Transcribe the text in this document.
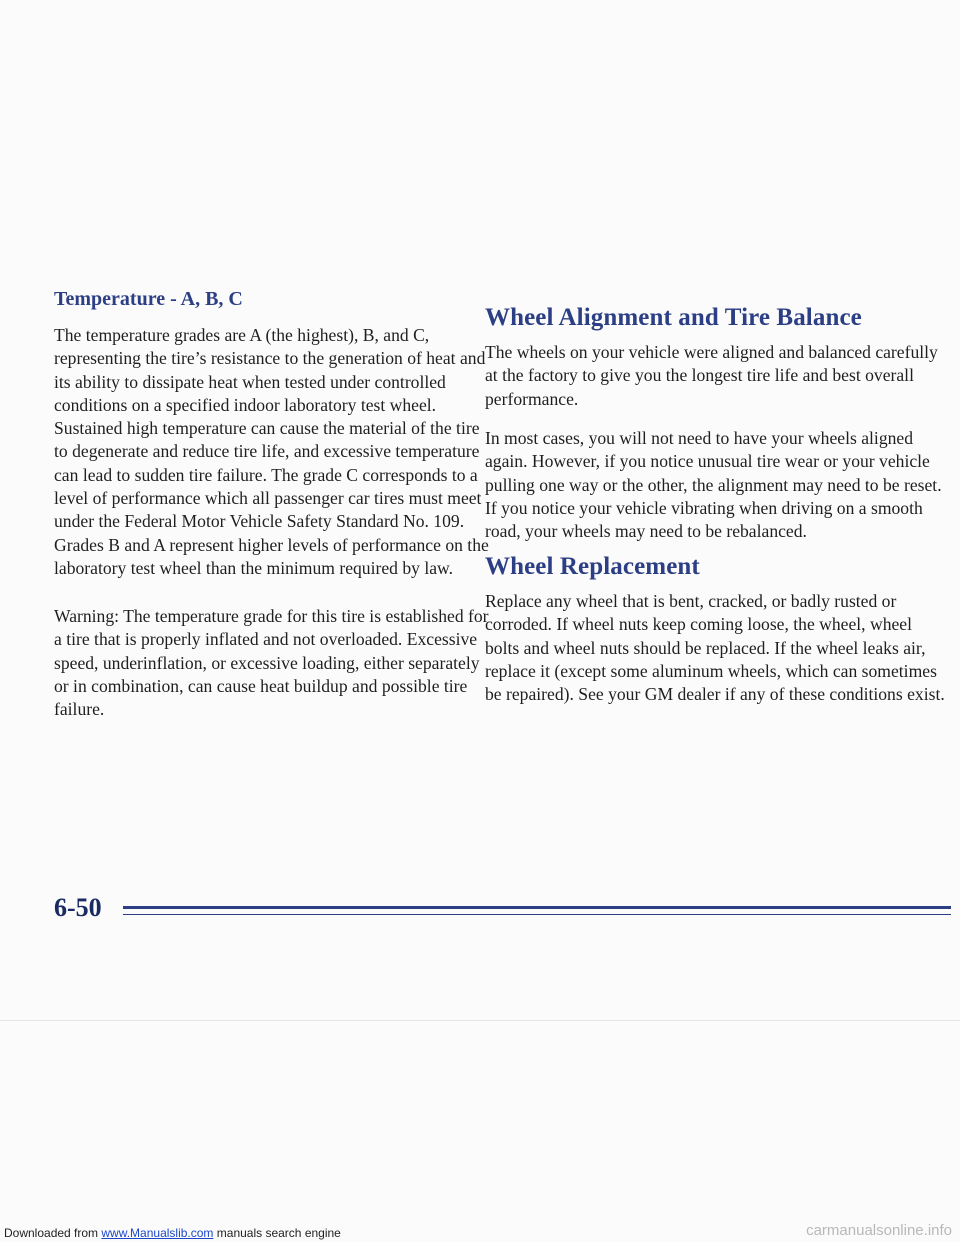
Temperature - A, B, C

The temperature grades are A (the highest), B, and C, representing the tire’s resistance to the generation of heat and its ability to dissipate heat when tested under controlled conditions on a specified indoor laboratory test wheel. Sustained high temperature can cause the material of the tire to degenerate and reduce tire life, and excessive temperature can lead to sudden tire failure. The grade C corresponds to a level of performance which all passenger car tires must meet under the Federal Motor Vehicle Safety Standard No. 109. Grades B and A represent higher levels of performance on the laboratory test wheel than the minimum required by law.

Warning: The temperature grade for this tire is established for a tire that is properly inflated and not overloaded. Excessive speed, underinflation, or excessive loading, either separately or in combination, can cause heat buildup and possible tire failure.

Wheel Alignment and Tire Balance

The wheels on your vehicle were aligned and balanced carefully at the factory to give you the longest tire life and best overall performance.

In most cases, you will not need to have your wheels aligned again. However, if you notice unusual tire wear or your vehicle pulling one way or the other, the alignment may need to be reset. If you notice your vehicle vibrating when driving on a smooth road, your wheels may need to be rebalanced.

Wheel Replacement

Replace any wheel that is bent, cracked, or badly rusted or corroded. If wheel nuts keep coming loose, the wheel, wheel bolts and wheel nuts should be replaced. If the wheel leaks air, replace it (except some aluminum wheels, which can sometimes be repaired). See your GM dealer if any of these conditions exist.

6-50

Downloaded from www.Manualslib.com manuals search engine	carmanualsonline.info
